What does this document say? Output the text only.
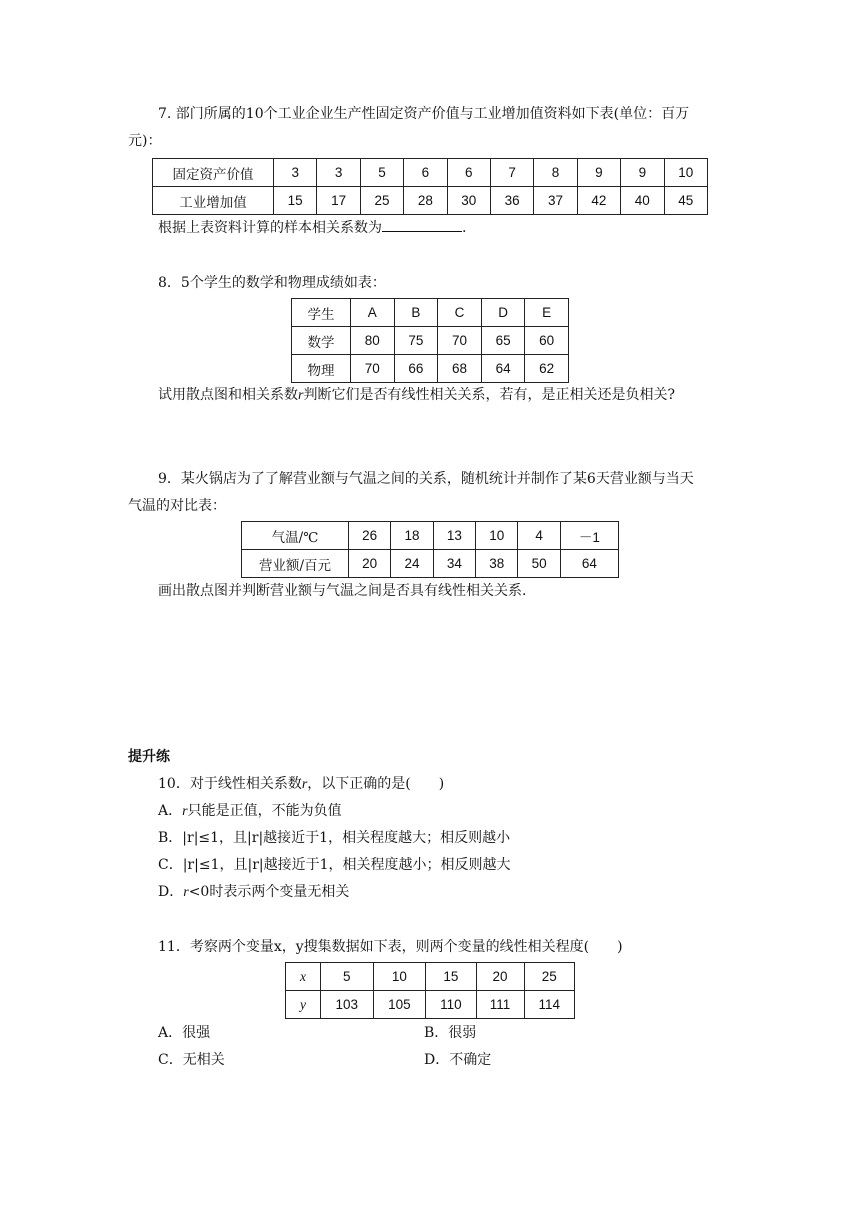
7. 部门所属的10个工业企业生产性固定资产价值与工业增加值资料如下表(单位：百万
元)：
固定资产价值	3	3	5	6	6	7	8	9	9	10
工业增加值	15	17	25	28	30	36	37	42	40	45
根据上表资料计算的样本相关系数为	.
8．5个学生的数学和物理成绩如表：
学生	A	B	C	D	E
数学	80	75	70	65	60
物理	70	66	68	64	62
试用散点图和相关系数r判断它们是否有线性相关关系，若有，是正相关还是负相关?
9．某火锅店为了了解营业额与气温之间的关系，随机统计并制作了某6天营业额与当天
气温的对比表：
气温/℃	26	18	13	10	4	－1
营业额/百元	20	24	34	38	50	64
画出散点图并判断营业额与气温之间是否具有线性相关关系.
提升练
10．对于线性相关系数r，以下正确的是(　　)
A．r只能是正值，不能为负值
B．|r|≤1，且|r|越接近于1，相关程度越大；相反则越小
C．|r|≤1，且|r|越接近于1，相关程度越小；相反则越大
D．r<0时表示两个变量无相关
11．考察两个变量x，y搜集数据如下表，则两个变量的线性相关程度(　　)
x	5	10	15	20	25
y	103	105	110	111	114
A．很强	B．很弱
C．无相关	D．不确定
